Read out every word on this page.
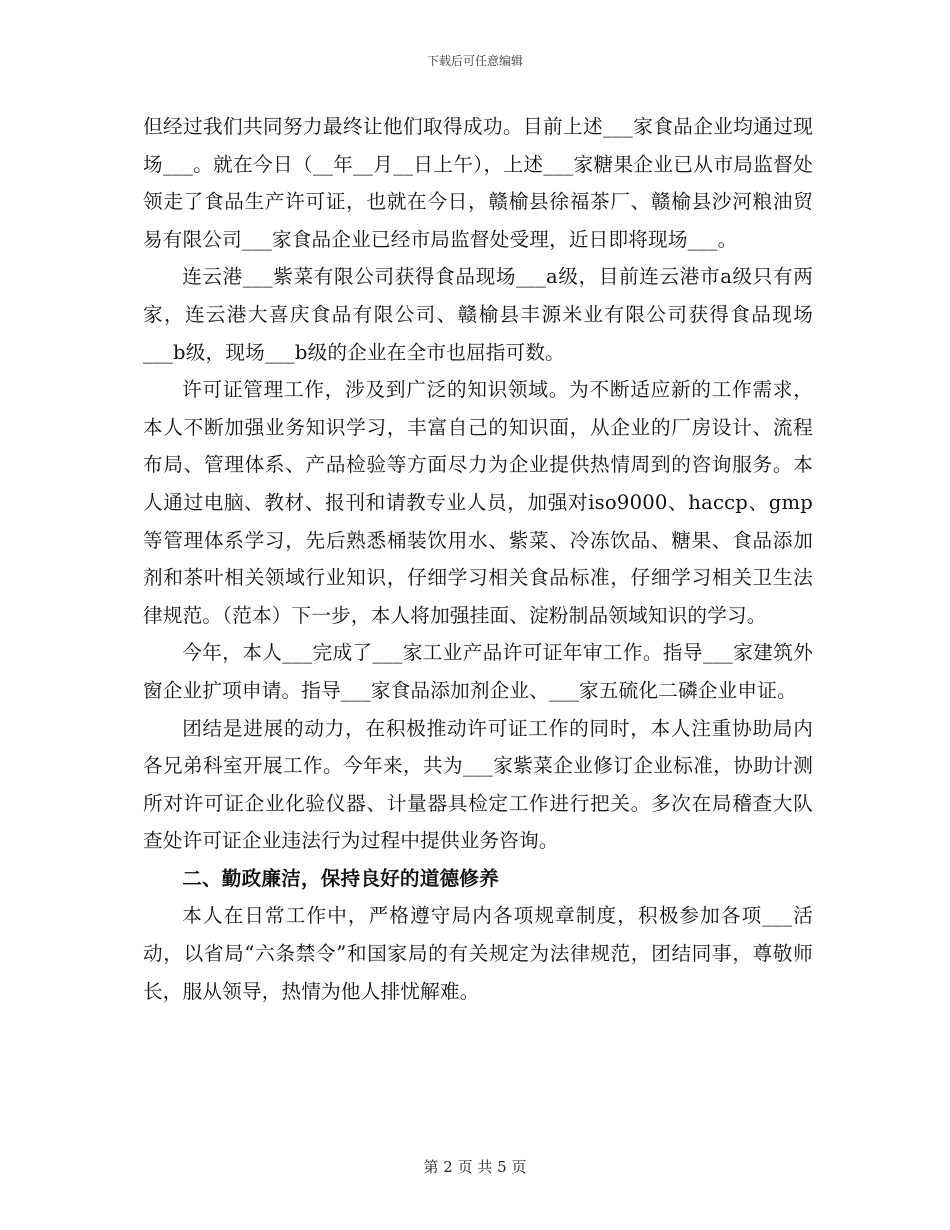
下载后可任意编辑

但经过我们共同努力最终让他们取得成功。目前上述___家食品企业均通过现场___。就在今日（__年__月__日上午），上述___家糖果企业已从市局监督处领走了食品生产许可证，也就在今日，赣榆县徐福茶厂、赣榆县沙河粮油贸易有限公司___家食品企业已经市局监督处受理，近日即将现场___。

连云港___紫菜有限公司获得食品现场___a级，目前连云港市a级只有两家，连云港大喜庆食品有限公司、赣榆县丰源米业有限公司获得食品现场___b级，现场___b级的企业在全市也屈指可数。

许可证管理工作，涉及到广泛的知识领域。为不断适应新的工作需求，本人不断加强业务知识学习，丰富自己的知识面，从企业的厂房设计、流程布局、管理体系、产品检验等方面尽力为企业提供热情周到的咨询服务。本人通过电脑、教材、报刊和请教专业人员，加强对iso9000、haccp、gmp等管理体系学习，先后熟悉桶装饮用水、紫菜、冷冻饮品、糖果、食品添加剂和茶叶相关领域行业知识，仔细学习相关食品标准，仔细学习相关卫生法律规范。（范本）下一步，本人将加强挂面、淀粉制品领域知识的学习。

今年，本人___完成了___家工业产品许可证年审工作。指导___家建筑外窗企业扩项申请。指导___家食品添加剂企业、___家五硫化二磷企业申证。

团结是进展的动力，在积极推动许可证工作的同时，本人注重协助局内各兄弟科室开展工作。今年来，共为___家紫菜企业修订企业标准，协助计测所对许可证企业化验仪器、计量器具检定工作进行把关。多次在局稽查大队查处许可证企业违法行为过程中提供业务咨询。

二、勤政廉洁，保持良好的道德修养

本人在日常工作中，严格遵守局内各项规章制度，积极参加各项___活动，以省局“六条禁令”和国家局的有关规定为法律规范，团结同事，尊敬师长，服从领导，热情为他人排忧解难。

第 2 页 共 5 页
